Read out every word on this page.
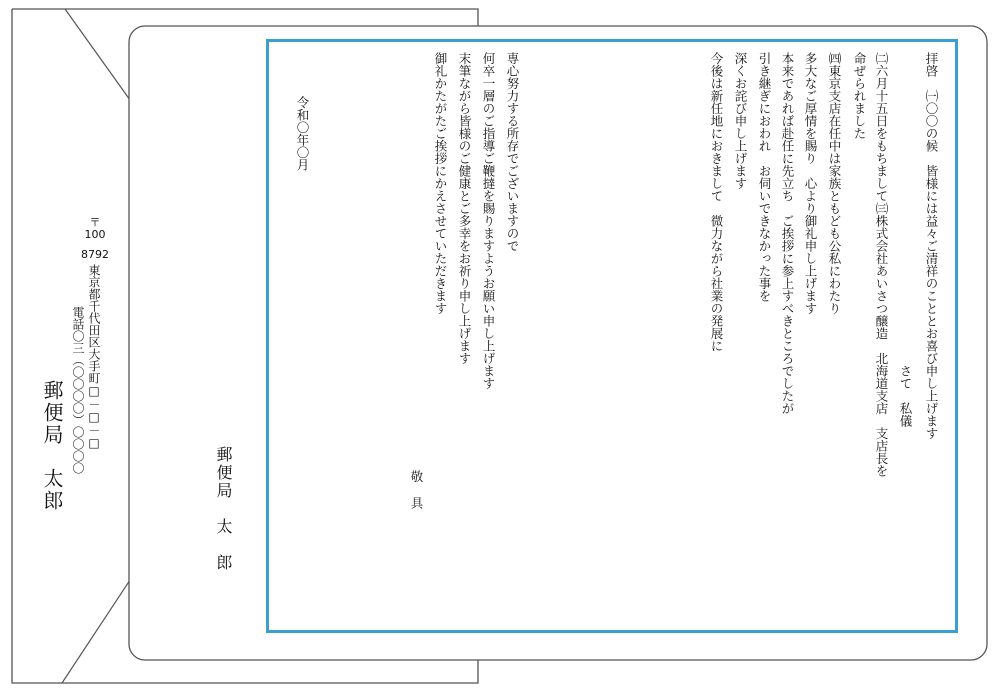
〒
100
8792
東京都千代田区大手町□－□－□
電話〇三（〇〇〇〇）〇〇〇〇
郵便局　太郎
拝啓　㈠〇〇の候　皆様には益々ご清祥のこととお喜び申し上げます
　　　　　　　　　　　　　　　　　　　　　　　　　さて　私儀
㈡六月十五日をもちまして㈢株式会社あいさつ醸造　北海道支店　支店長を
命ぜられました
㈣東京支店在任中は家族ともども公私にわたり
多大なご厚情を賜り　心より御礼申し上げます
本来であれば赴任に先立ち　ご挨拶に参上すべきところでしたが
引き継ぎにおわれ　お伺いできなかった事を
深くお詫び申し上げます
今後は新任地におきまして　微力ながら社業の発展に
専心努力する所存でございますので
何卒一層のご指導ご鞭撻を賜りますようお願い申し上げます
末筆ながら皆様のご健康とご多幸をお祈り申し上げます
御礼かたがたご挨拶にかえさせていただきます
敬具
令和〇年〇月
郵便局　太　郎
